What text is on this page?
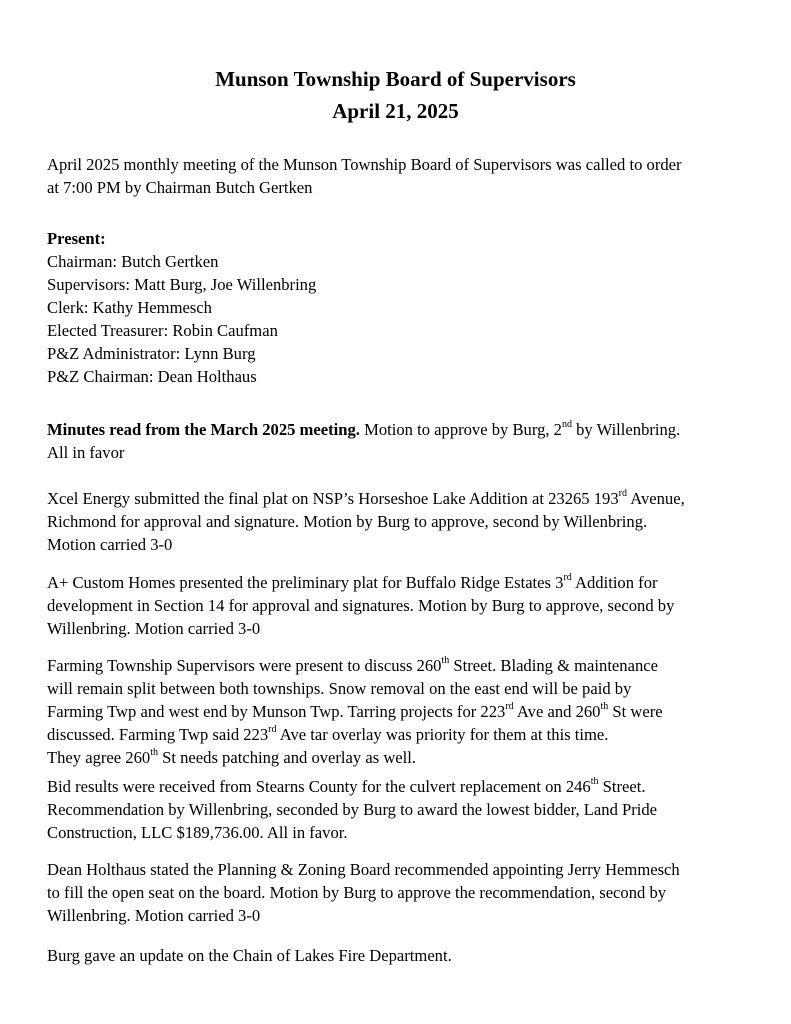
Munson Township Board of Supervisors
April 21, 2025
April 2025 monthly meeting of the Munson Township Board of Supervisors was called to order
at 7:00 PM by Chairman Butch Gertken
Present:
Chairman: Butch Gertken
Supervisors: Matt Burg, Joe Willenbring
Clerk: Kathy Hemmesch
Elected Treasurer: Robin Caufman
P&Z Administrator: Lynn Burg
P&Z Chairman: Dean Holthaus
Minutes read from the March 2025 meeting. Motion to approve by Burg, 2nd by Willenbring.
All in favor
Xcel Energy submitted the final plat on NSP’s Horseshoe Lake Addition at 23265 193rd Avenue,
Richmond for approval and signature. Motion by Burg to approve, second by Willenbring.
Motion carried 3-0
A+ Custom Homes presented the preliminary plat for Buffalo Ridge Estates 3rd Addition for
development in Section 14 for approval and signatures. Motion by Burg to approve, second by
Willenbring. Motion carried 3-0
Farming Township Supervisors were present to discuss 260th Street. Blading & maintenance
will remain split between both townships. Snow removal on the east end will be paid by
Farming Twp and west end by Munson Twp. Tarring projects for 223rd Ave and 260th St were
discussed. Farming Twp said 223rd Ave tar overlay was priority for them at this time.
They agree 260th St needs patching and overlay as well.
Bid results were received from Stearns County for the culvert replacement on 246th Street.
Recommendation by Willenbring, seconded by Burg to award the lowest bidder, Land Pride
Construction, LLC $189,736.00. All in favor.
Dean Holthaus stated the Planning & Zoning Board recommended appointing Jerry Hemmesch
to fill the open seat on the board. Motion by Burg to approve the recommendation, second by
Willenbring. Motion carried 3-0
Burg gave an update on the Chain of Lakes Fire Department.
